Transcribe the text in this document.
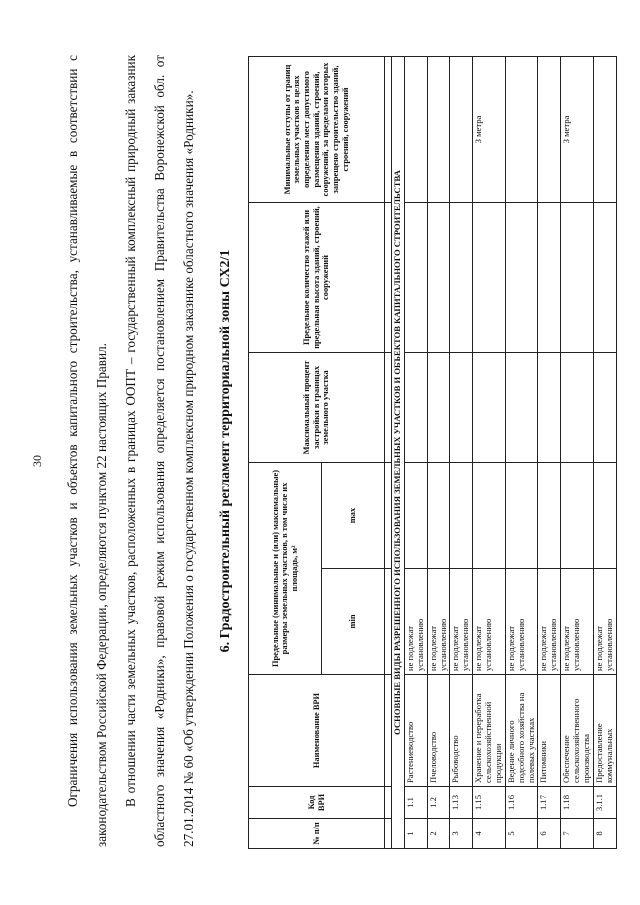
30	Ограничения использования земельных участков и объектов капитального строительства, устанавливаемые в соответствии с законодательством Российской Федерации, определяются пунктом 22 настоящих Правил.	В отношении части земельных участков, расположенных в границах ООПТ – государственный комплексный природный заказник областного значения «Родники», правовой режим использования определяется постановлением Правительства Воронежской обл. от 27.01.2014 № 60 «Об утверждении Положения о государственном комплексном природном заказнике областного значения «Родники».	6. Градостроительный регламент территориальной зоны СХ2/1
№ п/п	Код ВРИ	Наименование ВРИ	Предельные (минимальные и (или) максимальные) размеры земельных участков, в том числе их площадь, м²		Максимальный процент застройки в границах земельного участка	Предельное количество этажей или предельная высота зданий, строений, сооружений	Минимальные отступы от границ земельных участков в целях определения мест допустимого размещения зданий, строений, сооружений, за пределами которых запрещено строительство зданий, строений, сооружений
			min	max			

ОСНОВНЫЕ ВИДЫ РАЗРЕШЕННОГО ИСПОЛЬЗОВАНИЯ ЗЕМЕЛЬНЫХ УЧАСТКОВ И ОБЪЕКТОВ КАПИТАЛЬНОГО СТРОИТЕЛЬСТВА							
1	1.1	Растениеводство	не подлежат установлению				
2	1.2	Пчеловодство	не подлежат установлению				
3	1.13	Рыбоводство	не подлежат установлению				
4	1.15	Хранение и переработка сельскохозяйственной продукции	не подлежат установлению				3 метра
5	1.16	Ведение личного подсобного хозяйства на полевых участках	не подлежат установлению				
6	1.17	Питомники	не подлежат установлению				
7	1.18	Обеспечение сельскохозяйственного производства	не подлежат установлению				3 метра
8	3.1.1	Предоставление коммунальных	не подлежат установлению				
